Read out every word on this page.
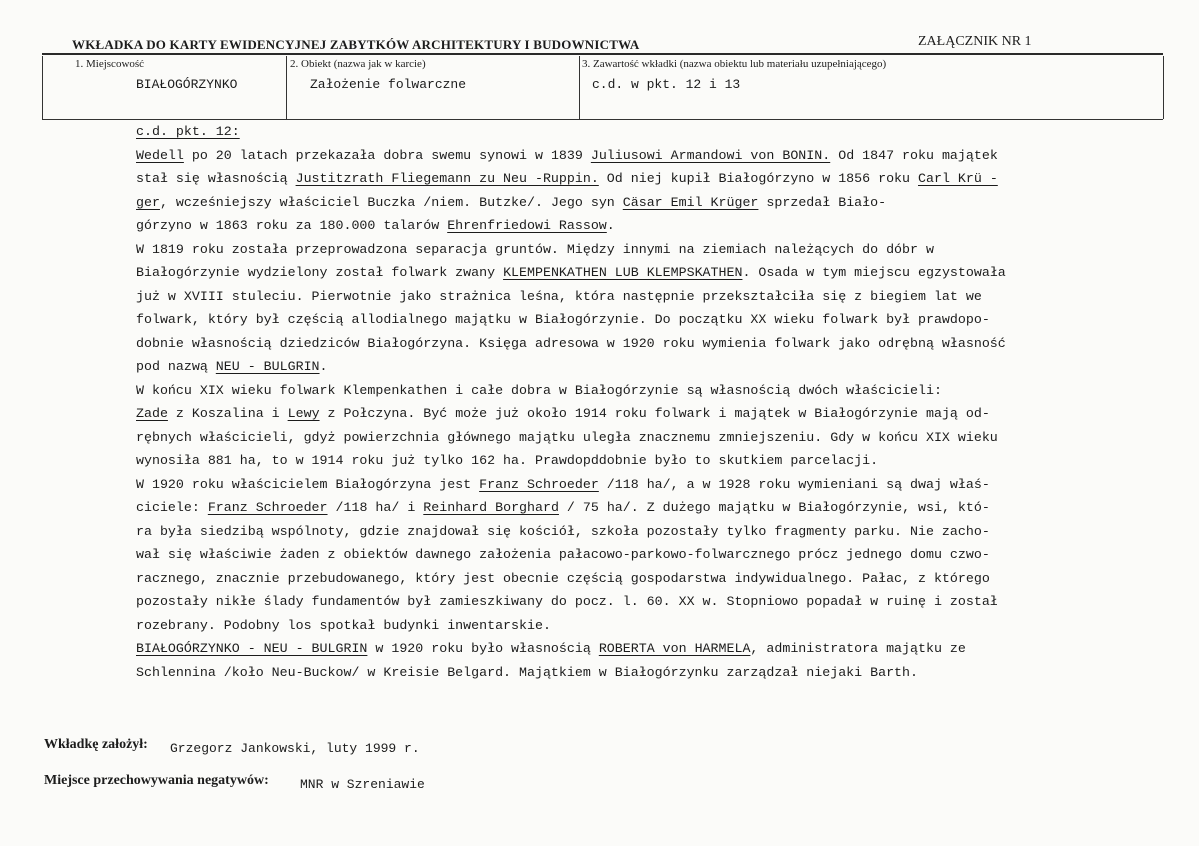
WKŁADKA DO KARTY EWIDENCYJNEJ ZABYTKÓW ARCHITEKTURY I BUDOWNICTWA	ZAŁĄCZNIK NR 1
1. Miejscowość
BIAŁOGÓRZYNKO
2. Obiekt (nazwa jak w karcie)
Założenie folwarczne
3. Zawartość wkładki (nazwa obiektu lub materiału uzupełniającego)
c.d. w pkt. 12 i 13

c.d. pkt. 12:

Wedell po 20 latach przekazała dobra swemu synowi w 1839 Juliusowi Armandowi von BONIN. Od 1847 roku majątek

stał się własnością Justitzrath Fliegemann zu Neu -Ruppin. Od niej kupił Białogórzyno w 1856 roku Carl Krü -

ger, wcześniejszy właściciel Buczka /niem. Butzke/. Jego syn Cäsar Emil Krüger sprzedał Biało-

górzyno w 1863 roku za 180.000 talarów Ehrenfriedowi Rassow.

W 1819 roku została przeprowadzona separacja gruntów. Między innymi na ziemiach należących do dóbr w

Białogórzynie wydzielony został folwark zwany KLEMPENKATHEN LUB KLEMPSKATHEN. Osada w tym miejscu egzystowała

już w XVIII stuleciu. Pierwotnie jako strażnica leśna, która następnie przekształciła się z biegiem lat we

folwark, który był częścią allodialnego majątku w Białogórzynie. Do początku XX wieku folwark był prawdopo-

dobnie własnością dziedziców Białogórzyna. Księga adresowa w 1920 roku wymienia folwark jako odrębną własność

pod nazwą NEU - BULGRIN.

W końcu XIX wieku folwark Klempenkathen i całe dobra w Białogórzynie są własnością dwóch właścicieli:

Zade z Koszalina i Lewy z Połczyna. Być może już około 1914 roku folwark i majątek w Białogórzynie mają od-

rębnych właścicieli, gdyż powierzchnia głównego majątku uległa znacznemu zmniejszeniu. Gdy w końcu XIX wieku

wynosiła 881 ha, to w 1914 roku już tylko 162 ha. Prawdopddobnie było to skutkiem parcelacji.

W 1920 roku właścicielem Białogórzyna jest Franz Schroeder /118 ha/, a w 1928 roku wymieniani są dwaj właś-

ciciele: Franz Schroeder /118 ha/ i Reinhard Borghard / 75 ha/. Z dużego majątku w Białogórzynie, wsi, któ-

ra była siedzibą wspólnoty, gdzie znajdował się kościół, szkoła pozostały tylko fragmenty parku. Nie zacho-

wał się właściwie żaden z obiektów dawnego założenia pałacowo-parkowo-folwarcznego prócz jednego domu czwo-

racznego, znacznie przebudowanego, który jest obecnie częścią gospodarstwa indywidualnego. Pałac, z którego

pozostały nikłe ślady fundamentów był zamieszkiwany do pocz. l. 60. XX w. Stopniowo popadał w ruinę i został

rozebrany. Podobny los spotkał budynki inwentarskie.

BIAŁOGÓRZYNKO - NEU - BULGRIN w 1920 roku było własnością ROBERTA von HARMELA, administratora majątku ze

Schlennina /koło Neu-Buckow/ w Kreisie Belgard. Majątkiem w Białogórzynku zarządzał niejaki Barth.

Wkładkę założył: Grzegorz Jankowski, luty 1999 r.
Miejsce przechowywania negatywów: MNR w Szreniawie
